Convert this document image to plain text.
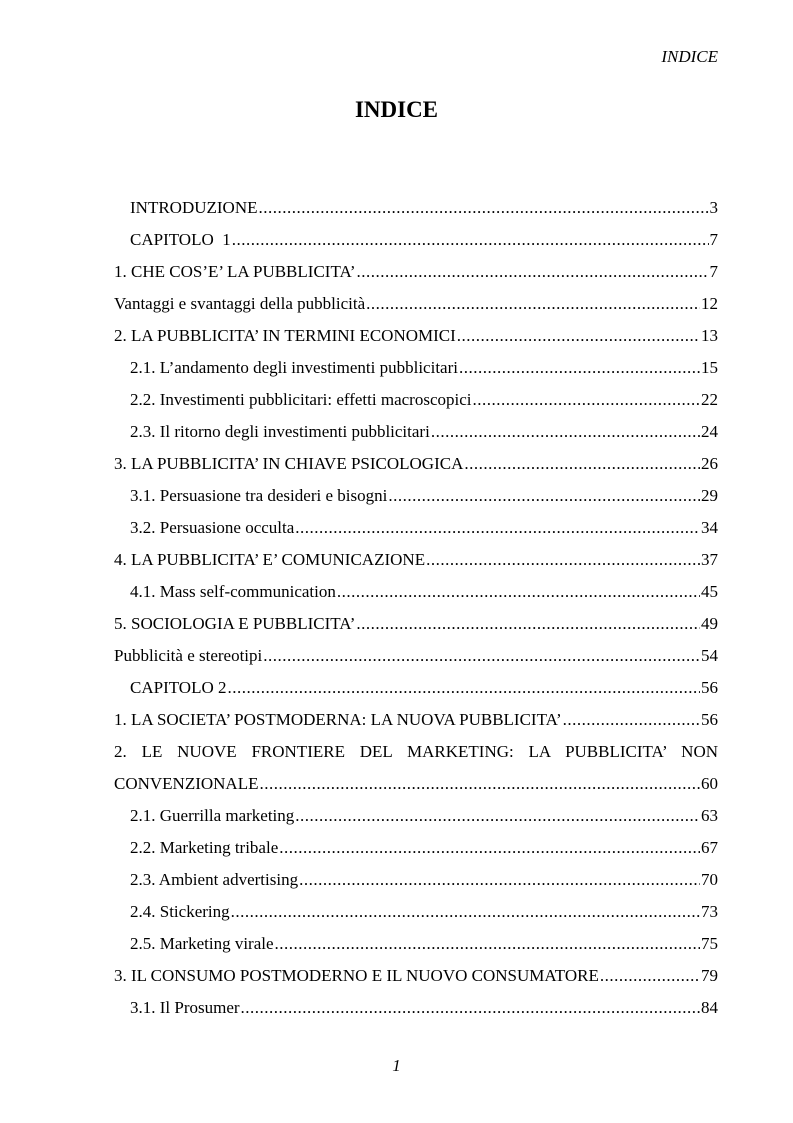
INDICE
INDICE
INTRODUZIONE .....	3
CAPITOLO  1 .....	7
1. CHE COS’E’ LA PUBBLICITA’ .....	7
Vantaggi e svantaggi della pubblicità .....	12
2. LA PUBBLICITA’ IN TERMINI ECONOMICI .....	13
2.1. L’andamento degli investimenti pubblicitari .....	15
2.2. Investimenti pubblicitari: effetti macroscopici .....	22
2.3. Il ritorno degli investimenti pubblicitari .....	24
3. LA PUBBLICITA’ IN CHIAVE PSICOLOGICA .....	26
3.1. Persuasione tra desideri e bisogni .....	29
3.2. Persuasione occulta .....	34
4. LA PUBBLICITA’ E’ COMUNICAZIONE .....	37
4.1. Mass self-communication .....	45
5. SOCIOLOGIA E PUBBLICITA’ .....	49
Pubblicità e stereotipi .....	54
CAPITOLO 2 .....	56
1. LA SOCIETA’ POSTMODERNA: LA NUOVA PUBBLICITA’ .....	56
2. LE NUOVE FRONTIERE DEL MARKETING: LA PUBBLICITA’ NON
CONVENZIONALE .....	60
2.1. Guerrilla marketing .....	63
2.2. Marketing tribale .....	67
2.3. Ambient advertising .....	70
2.4. Stickering .....	73
2.5. Marketing virale .....	75
3. IL CONSUMO POSTMODERNO E IL NUOVO CONSUMATORE .....	79
3.1. Il Prosumer .....	84
1
